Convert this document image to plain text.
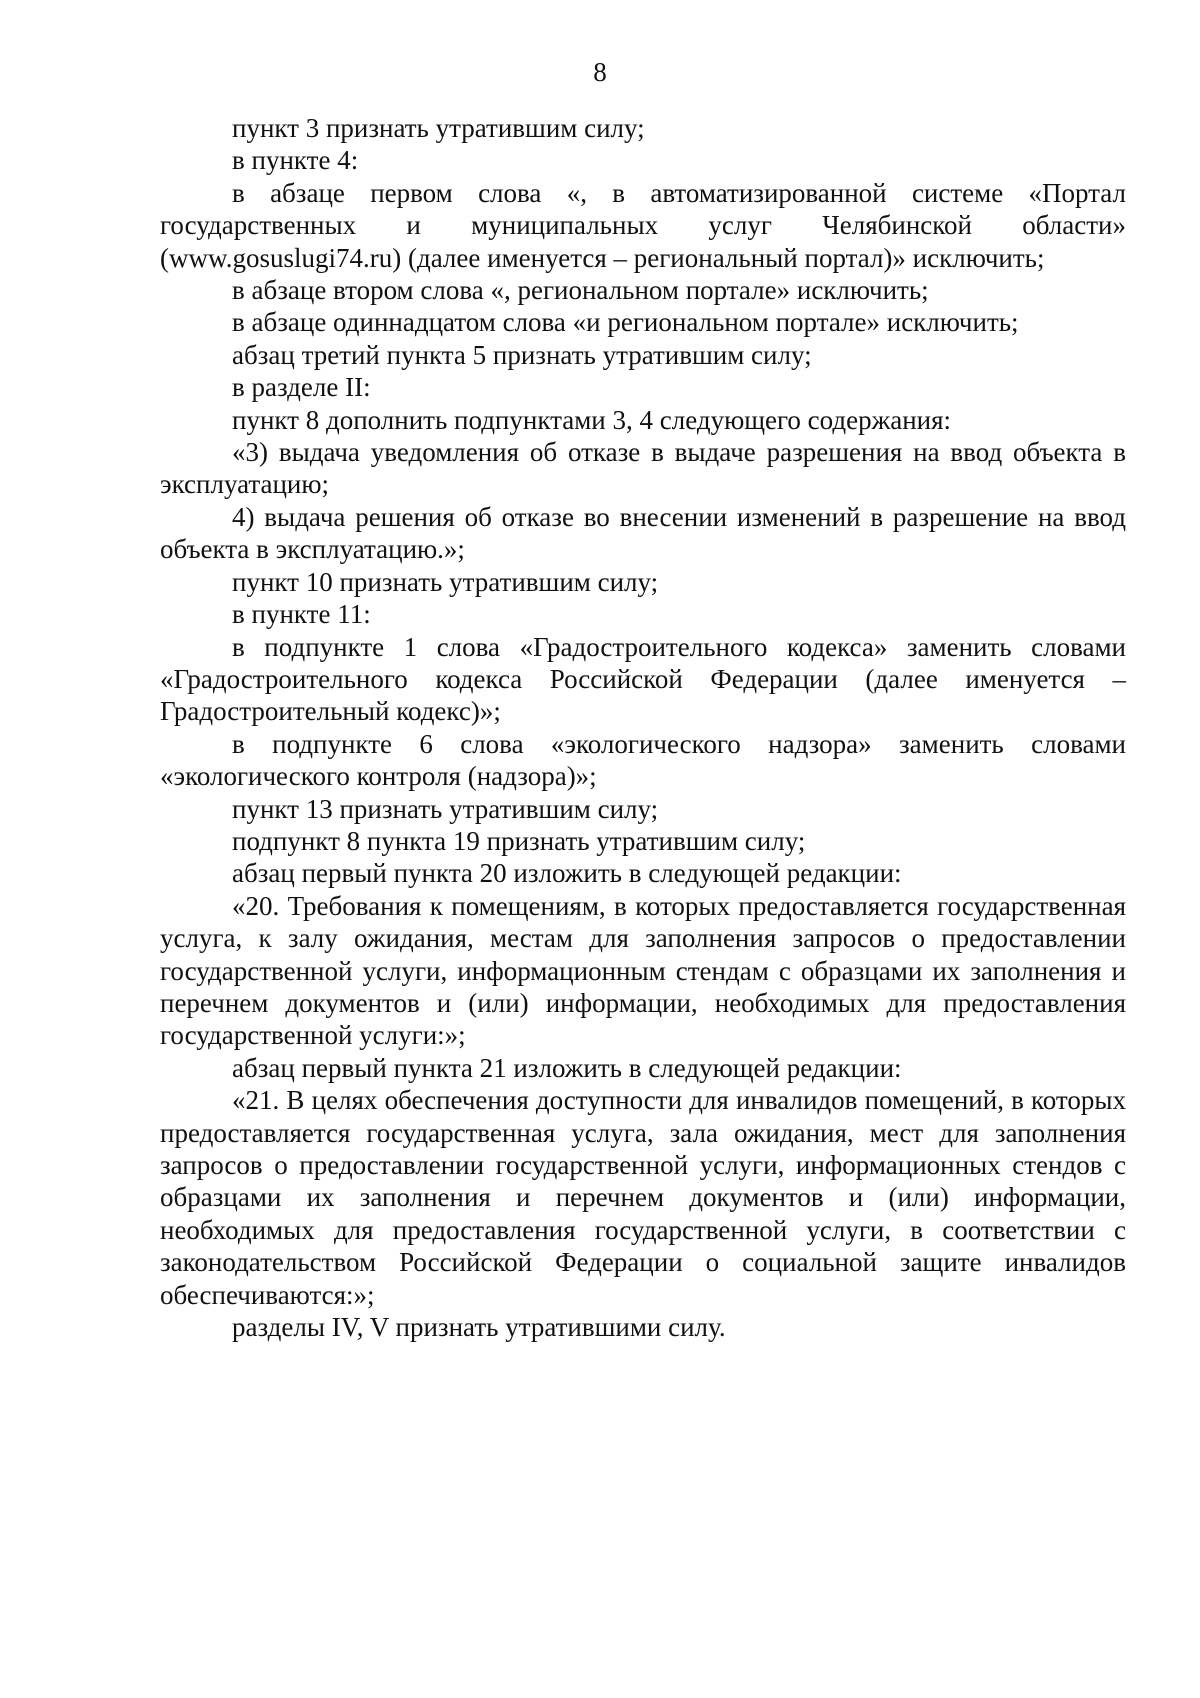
8

пункт 3 признать утратившим силу;

в пункте 4:

в абзаце первом слова «, в автоматизированной системе «Портал государственных и муниципальных услуг Челябинской области» (www.gosuslugi74.ru) (далее именуется – региональный портал)» исключить;

в абзаце втором слова «, региональном портале» исключить;

в абзаце одиннадцатом слова «и региональном портале» исключить;

абзац третий пункта 5 признать утратившим силу;

в разделе II:

пункт 8 дополнить подпунктами 3, 4 следующего содержания:

«3) выдача уведомления об отказе в выдаче разрешения на ввод объекта в эксплуатацию;

4) выдача решения об отказе во внесении изменений в разрешение на ввод объекта в эксплуатацию.»;

пункт 10 признать утратившим силу;

в пункте 11:

в подпункте 1 слова «Градостроительного кодекса» заменить словами «Градостроительного кодекса Российской Федерации (далее именуется – Градостроительный кодекс)»;

в подпункте 6 слова «экологического надзора» заменить словами «экологического контроля (надзора)»;

пункт 13 признать утратившим силу;

подпункт 8 пункта 19 признать утратившим силу;

абзац первый пункта 20 изложить в следующей редакции:

«20. Требования к помещениям, в которых предоставляется государственная услуга, к залу ожидания, местам для заполнения запросов о предоставлении государственной услуги, информационным стендам с образцами их заполнения и перечнем документов и (или) информации, необходимых для предоставления государственной услуги:»;

абзац первый пункта 21 изложить в следующей редакции:

«21. В целях обеспечения доступности для инвалидов помещений, в которых предоставляется государственная услуга, зала ожидания, мест для заполнения запросов о предоставлении государственной услуги, информационных стендов с образцами их заполнения и перечнем документов и (или) информации, необходимых для предоставления государственной услуги, в соответствии с законодательством Российской Федерации о социальной защите инвалидов обеспечиваются:»;

разделы IV, V признать утратившими силу.
